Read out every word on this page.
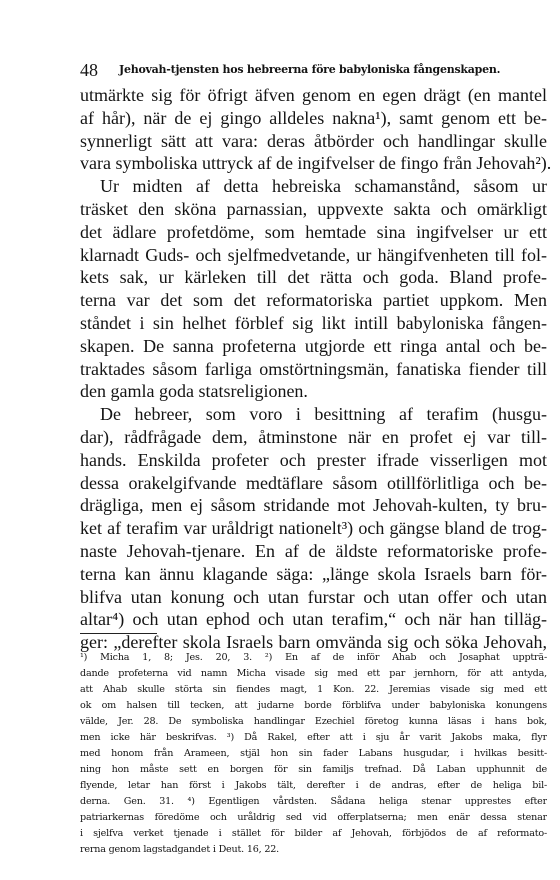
48 Jehovah-tjensten hos hebreerna före babyloniska fångenskapen.
utmärkte sig för öfrigt äfven genom en egen drägt (en mantel
af hår), när de ej gingo alldeles nakna¹), samt genom ett be-
synnerligt sätt att vara: deras åtbörder och handlingar skulle
vara symboliska uttryck af de ingifvelser de fingo från Jehovah²).
Ur midten af detta hebreiska schamanstånd, såsom ur
träsket den sköna parnassian, uppvexte sakta och omärkligt
det ädlare profetdöme, som hemtade sina ingifvelser ur ett
klarnadt Guds- och sjelfmedvetande, ur hängifvenheten till fol-
kets sak, ur kärleken till det rätta och goda. Bland profe-
terna var det som det reformatoriska partiet uppkom. Men
ståndet i sin helhet förblef sig likt intill babyloniska fången-
skapen. De sanna profeterna utgjorde ett ringa antal och be-
traktades såsom farliga omstörtningsmän, fanatiska fiender till
den gamla goda statsreligionen.
De hebreer, som voro i besittning af terafim (husgu-
dar), rådfrågade dem, åtminstone när en profet ej var till-
hands. Enskilda profeter och prester ifrade visserligen mot
dessa orakelgifvande medtäflare såsom otillförlitliga och be-
drägliga, men ej såsom stridande mot Jehovah-kulten, ty bru-
ket af terafim var uråldrigt nationelt³) och gängse bland de trog-
naste Jehovah-tjenare. En af de äldste reformatoriske profe-
terna kan ännu klagande säga: „länge skola Israels barn för-
blifva utan konung och utan furstar och utan offer och utan
altar⁴) och utan ephod och utan terafim,“ och när han tilläg-
ger: „derefter skola Israels barn omvända sig och söka Jehovah,
¹) Micha 1, 8; Jes. 20, 3. ²) En af de inför Ahab och Josaphat uppträ-
dande profeterna vid namn Micha visade sig med ett par jernhorn, för att antyda,
att Ahab skulle störta sin fiendes magt, 1 Kon. 22. Jeremias visade sig med ett
ok om halsen till tecken, att judarne borde förblifva under babyloniska konungens
välde, Jer. 28. De symboliska handlingar Ezechiel företog kunna läsas i hans bok,
men icke här beskrifvas. ³) Då Rakel, efter att i sju år varit Jakobs maka, flyr
med honom från Arameen, stjäl hon sin fader Labans husgudar, i hvilkas besitt-
ning hon måste sett en borgen för sin familjs trefnad. Då Laban upphunnit de
flyende, letar han först i Jakobs tält, derefter i de andras, efter de heliga bil-
derna. Gen. 31. ⁴) Egentligen vårdsten. Sådana heliga stenar upprestes efter
patriarkernas föredöme och uråldrig sed vid offerplatserna; men enär dessa stenar
i sjelfva verket tjenade i stället för bilder af Jehovah, förbjödos de af reformato-
rerna genom lagstadgandet i Deut. 16, 22.
